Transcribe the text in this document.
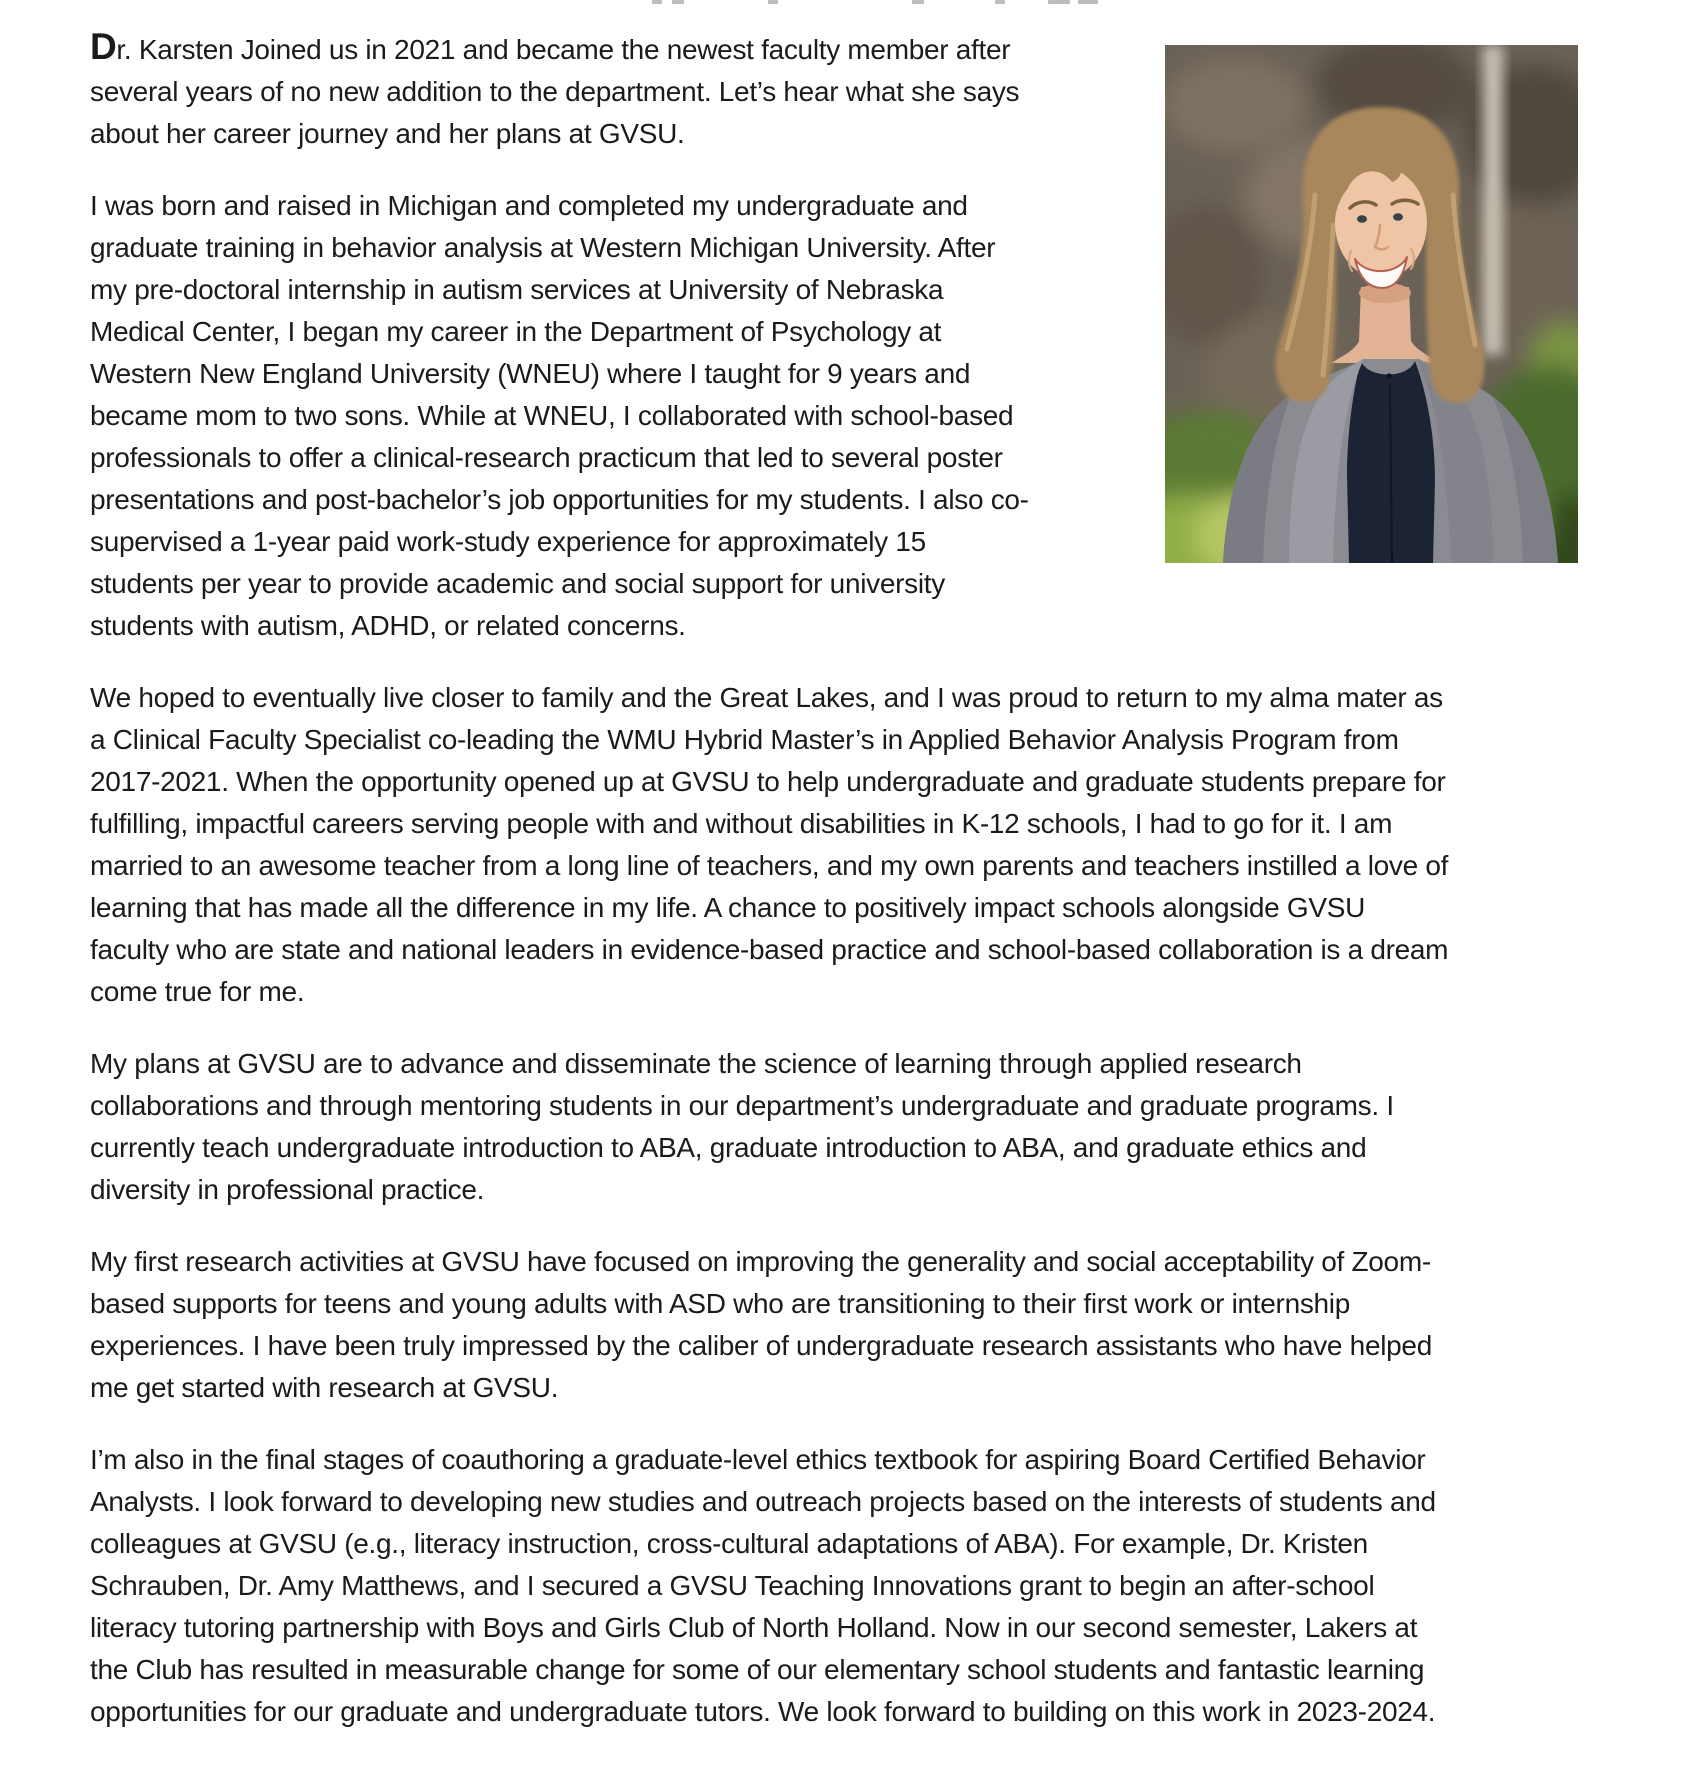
Dr. Karsten Joined us in 2021 and became the newest faculty member after several years of no new addition to the department. Let’s hear what she says about her career journey and her plans at GVSU.

I was born and raised in Michigan and completed my undergraduate and graduate training in behavior analysis at Western Michigan University. After my pre-doctoral internship in autism services at University of Nebraska Medical Center, I began my career in the Department of Psychology at Western New England University (WNEU) where I taught for 9 years and became mom to two sons. While at WNEU, I collaborated with school-based professionals to offer a clinical-research practicum that led to several poster presentations and post-bachelor’s job opportunities for my students. I also co-supervised a 1-year paid work-study experience for approximately 15 students per year to provide academic and social support for university students with autism, ADHD, or related concerns.

We hoped to eventually live closer to family and the Great Lakes, and I was proud to return to my alma mater as a Clinical Faculty Specialist co-leading the WMU Hybrid Master’s in Applied Behavior Analysis Program from 2017-2021. When the opportunity opened up at GVSU to help undergraduate and graduate students prepare for fulfilling, impactful careers serving people with and without disabilities in K-12 schools, I had to go for it. I am married to an awesome teacher from a long line of teachers, and my own parents and teachers instilled a love of learning that has made all the difference in my life. A chance to positively impact schools alongside GVSU faculty who are state and national leaders in evidence-based practice and school-based collaboration is a dream come true for me.

My plans at GVSU are to advance and disseminate the science of learning through applied research collaborations and through mentoring students in our department’s undergraduate and graduate programs. I currently teach undergraduate introduction to ABA, graduate introduction to ABA, and graduate ethics and diversity in professional practice.

My first research activities at GVSU have focused on improving the generality and social acceptability of Zoom-based supports for teens and young adults with ASD who are transitioning to their first work or internship experiences. I have been truly impressed by the caliber of undergraduate research assistants who have helped me get started with research at GVSU.

I’m also in the final stages of coauthoring a graduate-level ethics textbook for aspiring Board Certified Behavior Analysts. I look forward to developing new studies and outreach projects based on the interests of students and colleagues at GVSU (e.g., literacy instruction, cross-cultural adaptations of ABA). For example, Dr. Kristen Schrauben, Dr. Amy Matthews, and I secured a GVSU Teaching Innovations grant to begin an after-school literacy tutoring partnership with Boys and Girls Club of North Holland. Now in our second semester, Lakers at the Club has resulted in measurable change for some of our elementary school students and fantastic learning opportunities for our graduate and undergraduate tutors. We look forward to building on this work in 2023-2024.
